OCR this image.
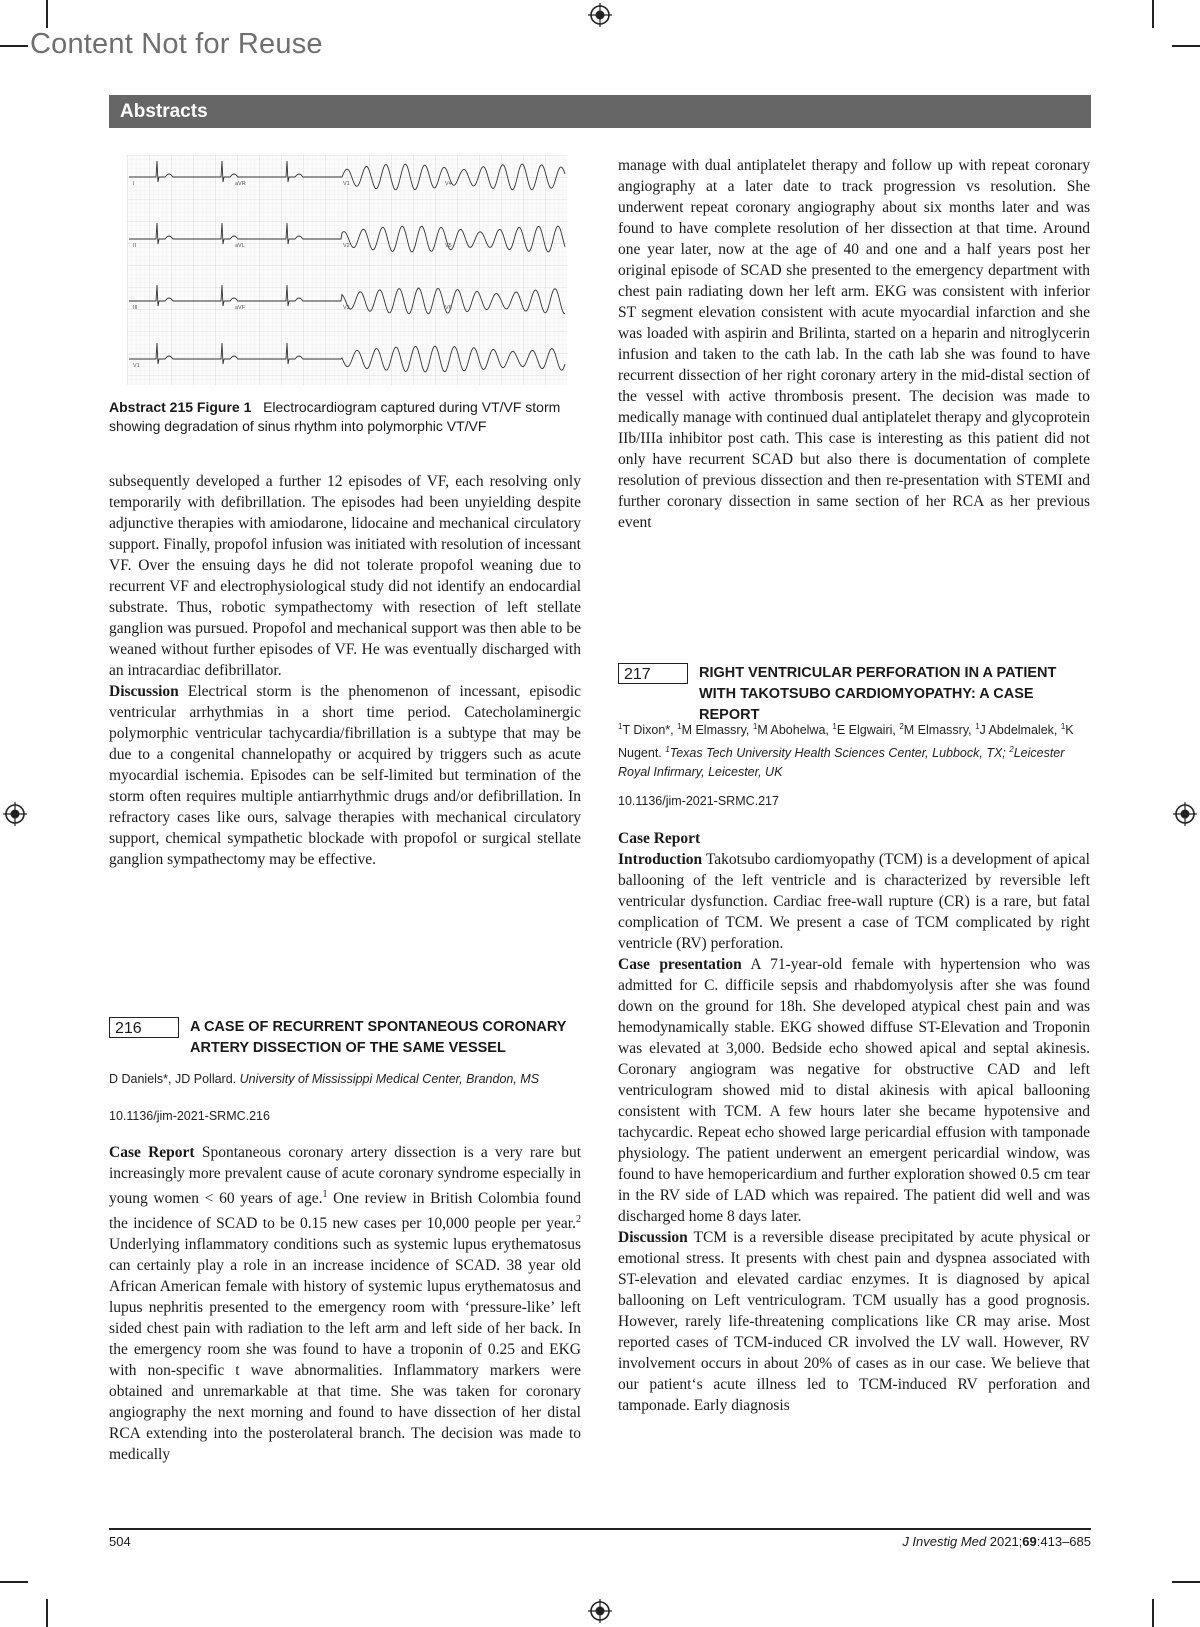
Content Not for Reuse
Abstracts
I	aVR	V1	V4
II	aVL	V2	V5
III	aVF	V3	V6
V1
Abstract 215 Figure 1 Electrocardiogram captured during VT/VF storm showing degradation of sinus rhythm into polymorphic VT/VF

subsequently developed a further 12 episodes of VF, each resolving only temporarily with defibrillation. The episodes had been unyielding despite adjunctive therapies with amiodarone, lidocaine and mechanical circulatory support. Finally, propofol infusion was initiated with resolution of incessant VF. Over the ensuing days he did not tolerate propofol weaning due to recurrent VF and electrophysiological study did not identify an endocardial substrate. Thus, robotic sympathectomy with resection of left stellate ganglion was pursued. Propofol and mechanical support was then able to be weaned without further episodes of VF. He was eventually discharged with an intracardiac defibrillator.

Discussion Electrical storm is the phenomenon of incessant, episodic ventricular arrhythmias in a short time period. Catecholaminergic polymorphic ventricular tachycardia/fibrillation is a subtype that may be due to a congenital channelopathy or acquired by triggers such as acute myocardial ischemia. Episodes can be self-limited but termination of the storm often requires multiple antiarrhythmic drugs and/or defibrillation. In refractory cases like ours, salvage therapies with mechanical circulatory support, chemical sympathetic blockade with propofol or surgical stellate ganglion sympathectomy may be effective.

216	A CASE OF RECURRENT SPONTANEOUS CORONARY ARTERY DISSECTION OF THE SAME VESSEL
D Daniels*, JD Pollard. University of Mississippi Medical Center, Brandon, MS
10.1136/jim-2021-SRMC.216

Case Report Spontaneous coronary artery dissection is a very rare but increasingly more prevalent cause of acute coronary syndrome especially in young women < 60 years of age.$^1$ One review in British Colombia found the incidence of SCAD to be 0.15 new cases per 10,000 people per year.$^2$ Underlying inflammatory conditions such as systemic lupus erythematosus can certainly play a role in an increase incidence of SCAD. 38 year old African American female with history of systemic lupus erythematosus and lupus nephritis presented to the emergency room with ‘pressure-like’ left sided chest pain with radiation to the left arm and left side of her back. In the emergency room she was found to have a troponin of 0.25 and EKG with non-specific t wave abnormalities. Inflammatory markers were obtained and unremarkable at that time. She was taken for coronary angiography the next morning and found to have dissection of her distal RCA extending into the posterolateral branch. The decision was made to medically

manage with dual antiplatelet therapy and follow up with repeat coronary angiography at a later date to track progression vs resolution. She underwent repeat coronary angiography about six months later and was found to have complete resolution of her dissection at that time. Around one year later, now at the age of 40 and one and a half years post her original episode of SCAD she presented to the emergency department with chest pain radiating down her left arm. EKG was consistent with inferior ST segment elevation consistent with acute myocardial infarction and she was loaded with aspirin and Brilinta, started on a heparin and nitroglycerin infusion and taken to the cath lab. In the cath lab she was found to have recurrent dissection of her right coronary artery in the mid-distal section of the vessel with active thrombosis present. The decision was made to medically manage with continued dual antiplatelet therapy and glycoprotein IIb/IIIa inhibitor post cath. This case is interesting as this patient did not only have recurrent SCAD but also there is documentation of complete resolution of previous dissection and then re-presentation with STEMI and further coronary dissection in same section of her RCA as her previous event

217	RIGHT VENTRICULAR PERFORATION IN A PATIENT WITH TAKOTSUBO CARDIOMYOPATHY: A CASE REPORT
$^1$T Dixon*, $^1$M Elmassry, $^1$M Abohelwa, $^1$E Elgwairi, $^2$M Elmassry, $^1$J Abdelmalek, $^1$K Nugent. $^1$Texas Tech University Health Sciences Center, Lubbock, TX; $^2$Leicester Royal Infirmary, Leicester, UK
10.1136/jim-2021-SRMC.217

Case Report

Introduction Takotsubo cardiomyopathy (TCM) is a development of apical ballooning of the left ventricle and is characterized by reversible left ventricular dysfunction. Cardiac free-wall rupture (CR) is a rare, but fatal complication of TCM. We present a case of TCM complicated by right ventricle (RV) perforation.

Case presentation A 71-year-old female with hypertension who was admitted for C. difficile sepsis and rhabdomyolysis after she was found down on the ground for 18h. She developed atypical chest pain and was hemodynamically stable. EKG showed diffuse ST-Elevation and Troponin was elevated at 3,000. Bedside echo showed apical and septal akinesis. Coronary angiogram was negative for obstructive CAD and left ventriculogram showed mid to distal akinesis with apical ballooning consistent with TCM. A few hours later she became hypotensive and tachycardic. Repeat echo showed large pericardial effusion with tamponade physiology. The patient underwent an emergent pericardial window, was found to have hemopericardium and further exploration showed 0.5 cm tear in the RV side of LAD which was repaired. The patient did well and was discharged home 8 days later.

Discussion TCM is a reversible disease precipitated by acute physical or emotional stress. It presents with chest pain and dyspnea associated with ST-elevation and elevated cardiac enzymes. It is diagnosed by apical ballooning on Left ventriculogram. TCM usually has a good prognosis. However, rarely life-threatening complications like CR may arise. Most reported cases of TCM-induced CR involved the LV wall. However, RV involvement occurs in about 20% of cases as in our case. We believe that our patient‘s acute illness led to TCM-induced RV perforation and tamponade. Early diagnosis

504	J Investig Med 2021;69:413–685
